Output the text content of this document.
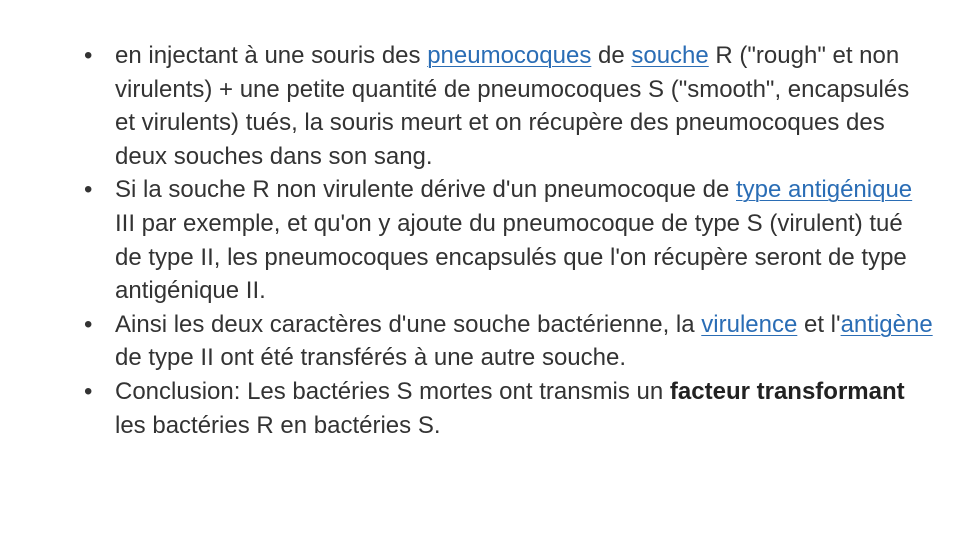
• en injectant à une souris des pneumocoques de souche R ("rough" et non virulents) + une petite quantité de pneumocoques S ("smooth", encapsulés et virulents) tués, la souris meurt et on récupère des pneumocoques des deux souches dans son sang.
• Si la souche R non virulente dérive d'un pneumocoque de type antigénique III par exemple, et qu'on y ajoute du pneumocoque de type S (virulent) tué de type II, les pneumocoques encapsulés que l'on récupère seront de type antigénique II.
• Ainsi les deux caractères d'une souche bactérienne, la virulence et l'antigène de type II ont été transférés à une autre souche.
• Conclusion: Les bactéries S mortes ont transmis un facteur transformant les bactéries R en bactéries S.
